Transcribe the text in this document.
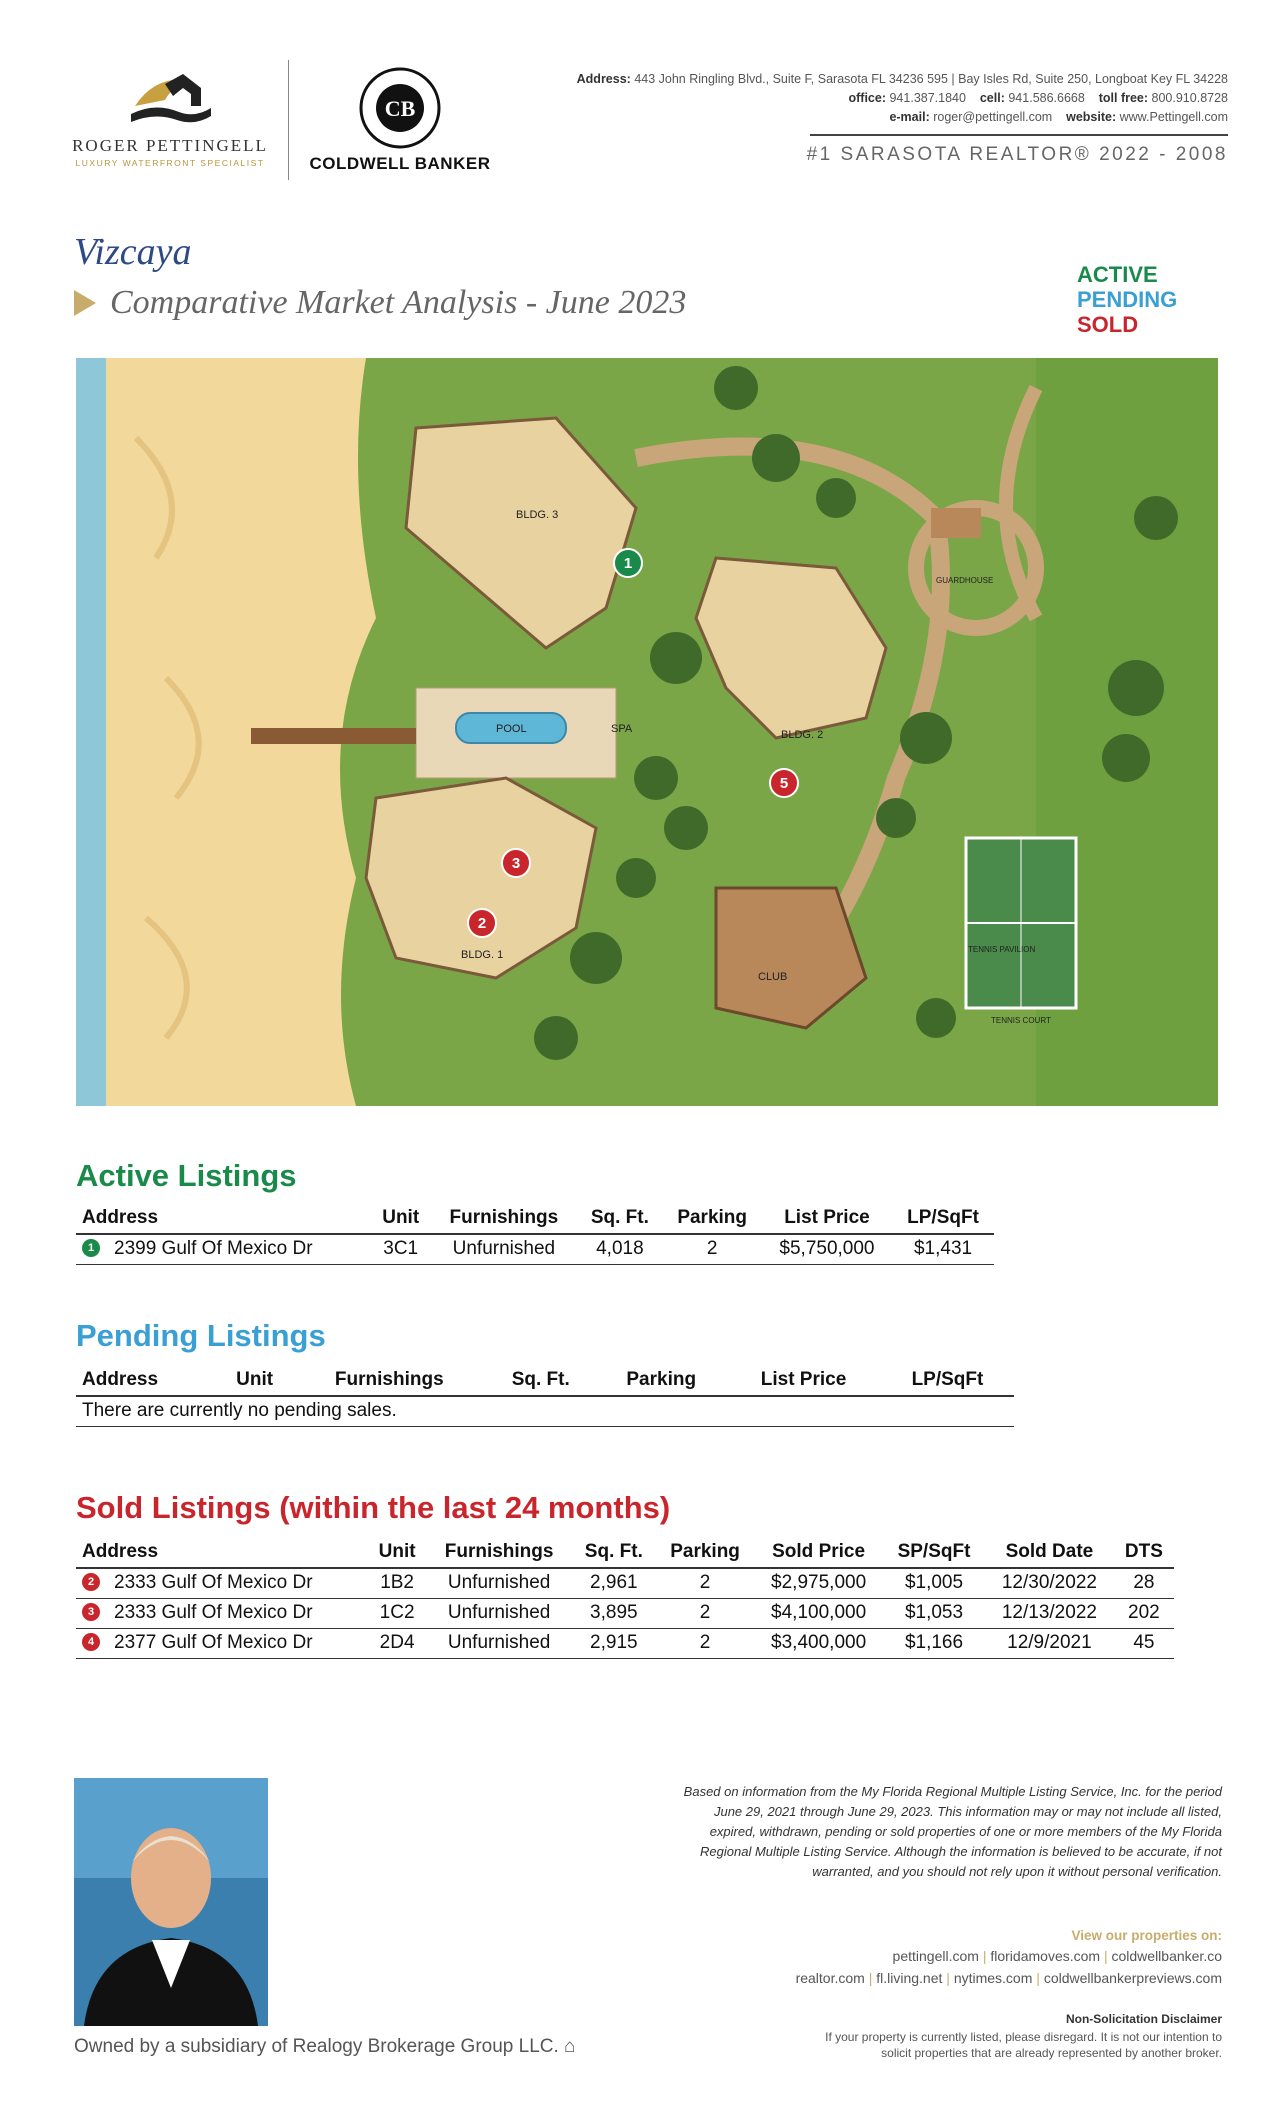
ROGER PETTINGELL
LUXURY WATERFRONT SPECIALIST
CB
COLDWELL BANKER
Address: 443 John Ringling Blvd., Suite F, Sarasota FL 34236 595 | Bay Isles Rd, Suite 250, Longboat Key FL 34228
office: 941.387.1840 cell: 941.586.6668 toll free: 800.910.8728
e-mail: roger@pettingell.com website: www.Pettingell.com
#1 SARASOTA REALTOR® 2022 - 2008
Vizcaya
Comparative Market Analysis - June 2023
ACTIVE
PENDING
SOLD
BLDG. 3
BLDG. 2
BLDG. 1
POOL	SPA
CLUB
GUARDHOUSE
TENNIS PAVILION
TENNIS COURT
1
5
3
2
Active Listings
Address	Unit	Furnishings	Sq. Ft.	Parking	List Price	LP/SqFt
1 2399 Gulf Of Mexico Dr	3C1	Unfurnished	4,018	2	$5,750,000	$1,431
Pending Listings
Address	Unit	Furnishings	Sq. Ft.	Parking	List Price	LP/SqFt
There are currently no pending sales.
Sold Listings (within the last 24 months)
Address	Unit	Furnishings	Sq. Ft.	Parking	Sold Price	SP/SqFt	Sold Date	DTS
2 2333 Gulf Of Mexico Dr	1B2	Unfurnished	2,961	2	$2,975,000	$1,005	12/30/2022	28
3 2333 Gulf Of Mexico Dr	1C2	Unfurnished	3,895	2	$4,100,000	$1,053	12/13/2022	202
4 2377 Gulf Of Mexico Dr	2D4	Unfurnished	2,915	2	$3,400,000	$1,166	12/9/2021	45
Owned by a subsidiary of Realogy Brokerage Group LLC. ⌂
Based on information from the My Florida Regional Multiple Listing Service, Inc. for the period June 29, 2021 through June 29, 2023. This information may or may not include all listed, expired, withdrawn, pending or sold properties of one or more members of the My Florida Regional Multiple Listing Service. Although the information is believed to be accurate, if not warranted, and you should not rely upon it without personal verification.
View our properties on:
pettingell.com | floridamoves.com | coldwellbanker.co
realtor.com | fl.living.net | nytimes.com | coldwellbankerpreviews.com
Non-Solicitation Disclaimer
If your property is currently listed, please disregard. It is not our intention to
solicit properties that are already represented by another broker.
